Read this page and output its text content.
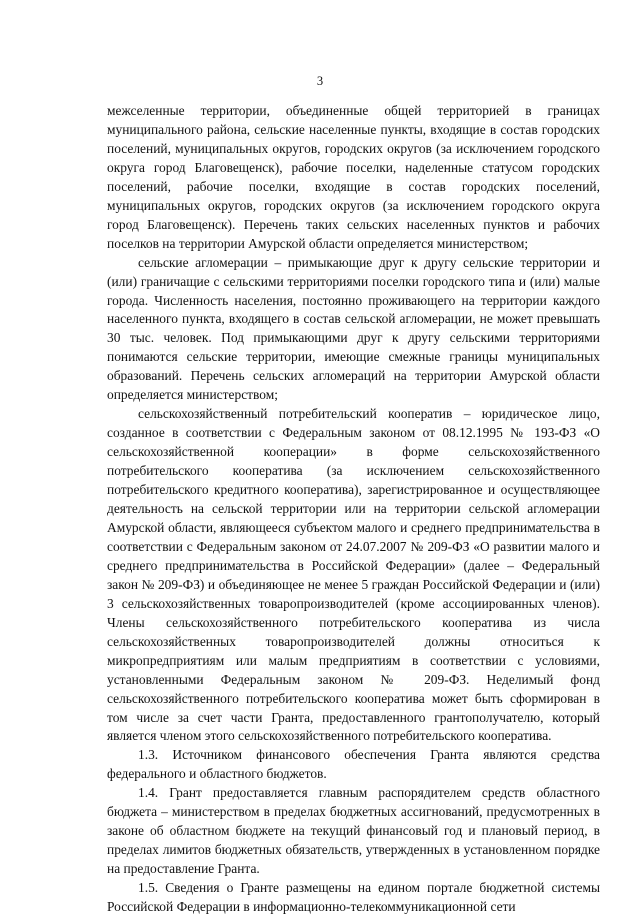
3

межселенные территории, объединенные общей территорией в границах муниципального района, сельские населенные пункты, входящие в состав городских поселений, муниципальных округов, городских округов (за исключением городского округа город Благовещенск), рабочие поселки, наделенные статусом городских поселений, рабочие поселки, входящие в состав городских поселений, муниципальных округов, городских округов (за исключением городского округа город Благовещенск). Перечень таких сельских населенных пунктов и рабочих поселков на территории Амурской области определяется министерством;

сельские агломерации – примыкающие друг к другу сельские территории и (или) граничащие с сельскими территориями поселки городского типа и (или) малые города. Численность населения, постоянно проживающего на территории каждого населенного пункта, входящего в состав сельской агломерации, не может превышать 30 тыс. человек. Под примыкающими друг к другу сельскими территориями понимаются сельские территории, имеющие смежные границы муниципальных образований. Перечень сельских агломераций на территории Амурской области определяется министерством;

сельскохозяйственный потребительский кооператив – юридическое лицо, созданное в соответствии с Федеральным законом от 08.12.1995 № 193-ФЗ «О сельскохозяйственной кооперации» в форме сельскохозяйственного потребительского кооператива (за исключением сельскохозяйственного потребительского кредитного кооператива), зарегистрированное и осуществляющее деятельность на сельской территории или на территории сельской агломерации Амурской области, являющееся субъектом малого и среднего предпринимательства в соответствии с Федеральным законом от 24.07.2007 № 209-ФЗ «О развитии малого и среднего предпринимательства в Российской Федерации» (далее – Федеральный закон № 209-ФЗ) и объединяющее не менее 5 граждан Российской Федерации и (или) 3 сельскохозяйственных товаропроизводителей (кроме ассоциированных членов). Члены сельскохозяйственного потребительского кооператива из числа сельскохозяйственных товаропроизводителей должны относиться к микропредприятиям или малым предприятиям в соответствии с условиями, установленными Федеральным законом № 209-ФЗ. Неделимый фонд сельскохозяйственного потребительского кооператива может быть сформирован в том числе за счет части Гранта, предоставленного грантополучателю, который является членом этого сельскохозяйственного потребительского кооператива.

1.3. Источником финансового обеспечения Гранта являются средства федерального и областного бюджетов.

1.4. Грант предоставляется главным распорядителем средств областного бюджета – министерством в пределах бюджетных ассигнований, предусмотренных в законе об областном бюджете на текущий финансовый год и плановый период, в пределах лимитов бюджетных обязательств, утвержденных в установленном порядке на предоставление Гранта.

1.5. Сведения о Гранте размещены на едином портале бюджетной системы Российской Федерации в информационно-телекоммуникационной сети
